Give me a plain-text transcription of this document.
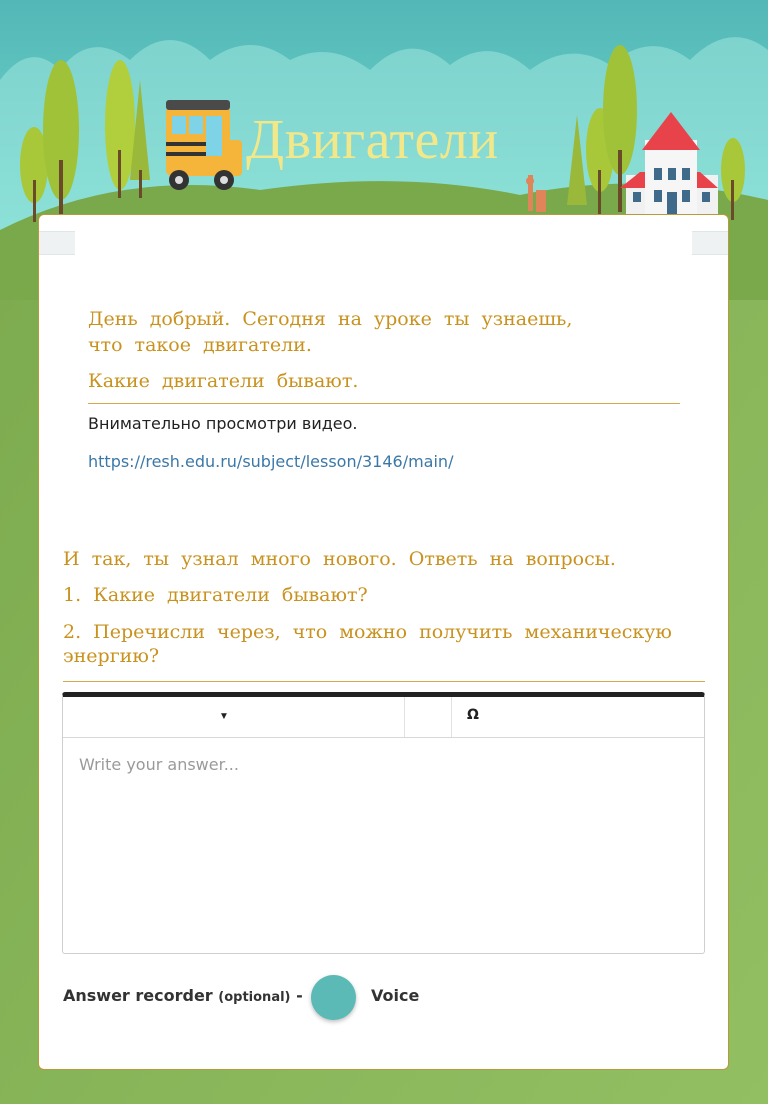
Двигатели
День добрый. Сегодня на уроке ты узнаешь, что такое двигатели.
Какие двигатели бывают.
Внимательно просмотри видео.
https://resh.edu.ru/subject/lesson/3146/main/
И так, ты узнал много нового. Ответь на вопросы.
1. Какие двигатели бывают?
2. Перечисли через, что можно получить механическую энергию?
▼	Ω
Write your answer...
Answer recorder (optional) -	Voice
